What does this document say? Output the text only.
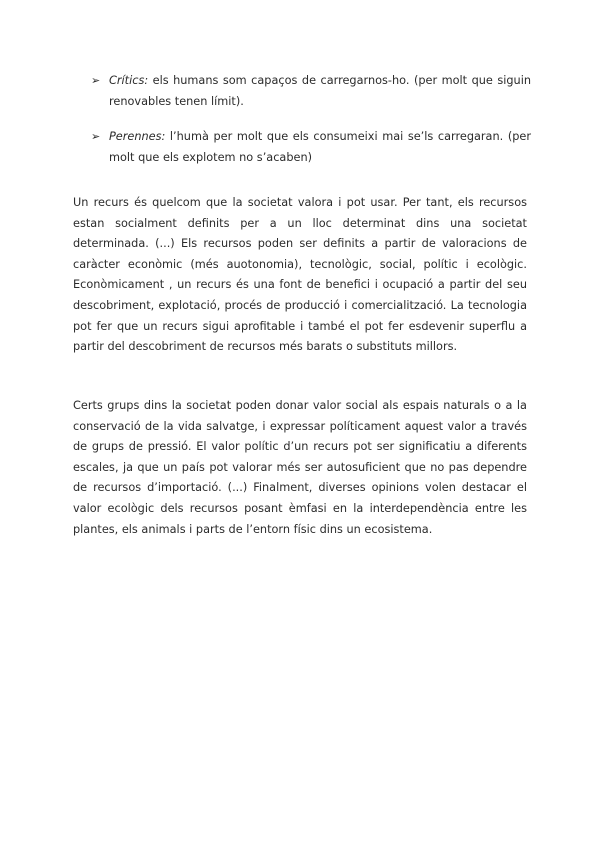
➢ Crítics: els humans som capaços de carregarnos-ho. (per molt que siguin renovables tenen límit).
➢ Perennes: l’humà per molt que els consumeixi mai se’ls carregaran. (per molt que els explotem no s’acaben)

Un recurs és quelcom que la societat valora i pot usar. Per tant, els recursos estan socialment definits per a un lloc determinat dins una societat determinada. (...) Els recursos poden ser definits a partir de valoracions de caràcter econòmic (més auotonomia), tecnològic, social, polític i ecològic. Econòmicament , un recurs és una font de benefici i ocupació a partir del seu descobriment, explotació, procés de producció i comercialització. La tecnologia pot fer que un recurs sigui aprofitable i també el pot fer esdevenir superflu a partir del descobriment de recursos més barats o substituts millors.

Certs grups dins la societat poden donar valor social als espais naturals o a la conservació de la vida salvatge, i expressar políticament aquest valor a través de grups de pressió. El valor polític d’un recurs pot ser significatiu a diferents escales, ja que un país pot valorar més ser autosuficient que no pas dependre de recursos d’importació. (...) Finalment, diverses opinions volen destacar el valor ecològic dels recursos posant èmfasi en la interdependència entre les plantes, els animals i parts de l’entorn físic dins un ecosistema.
